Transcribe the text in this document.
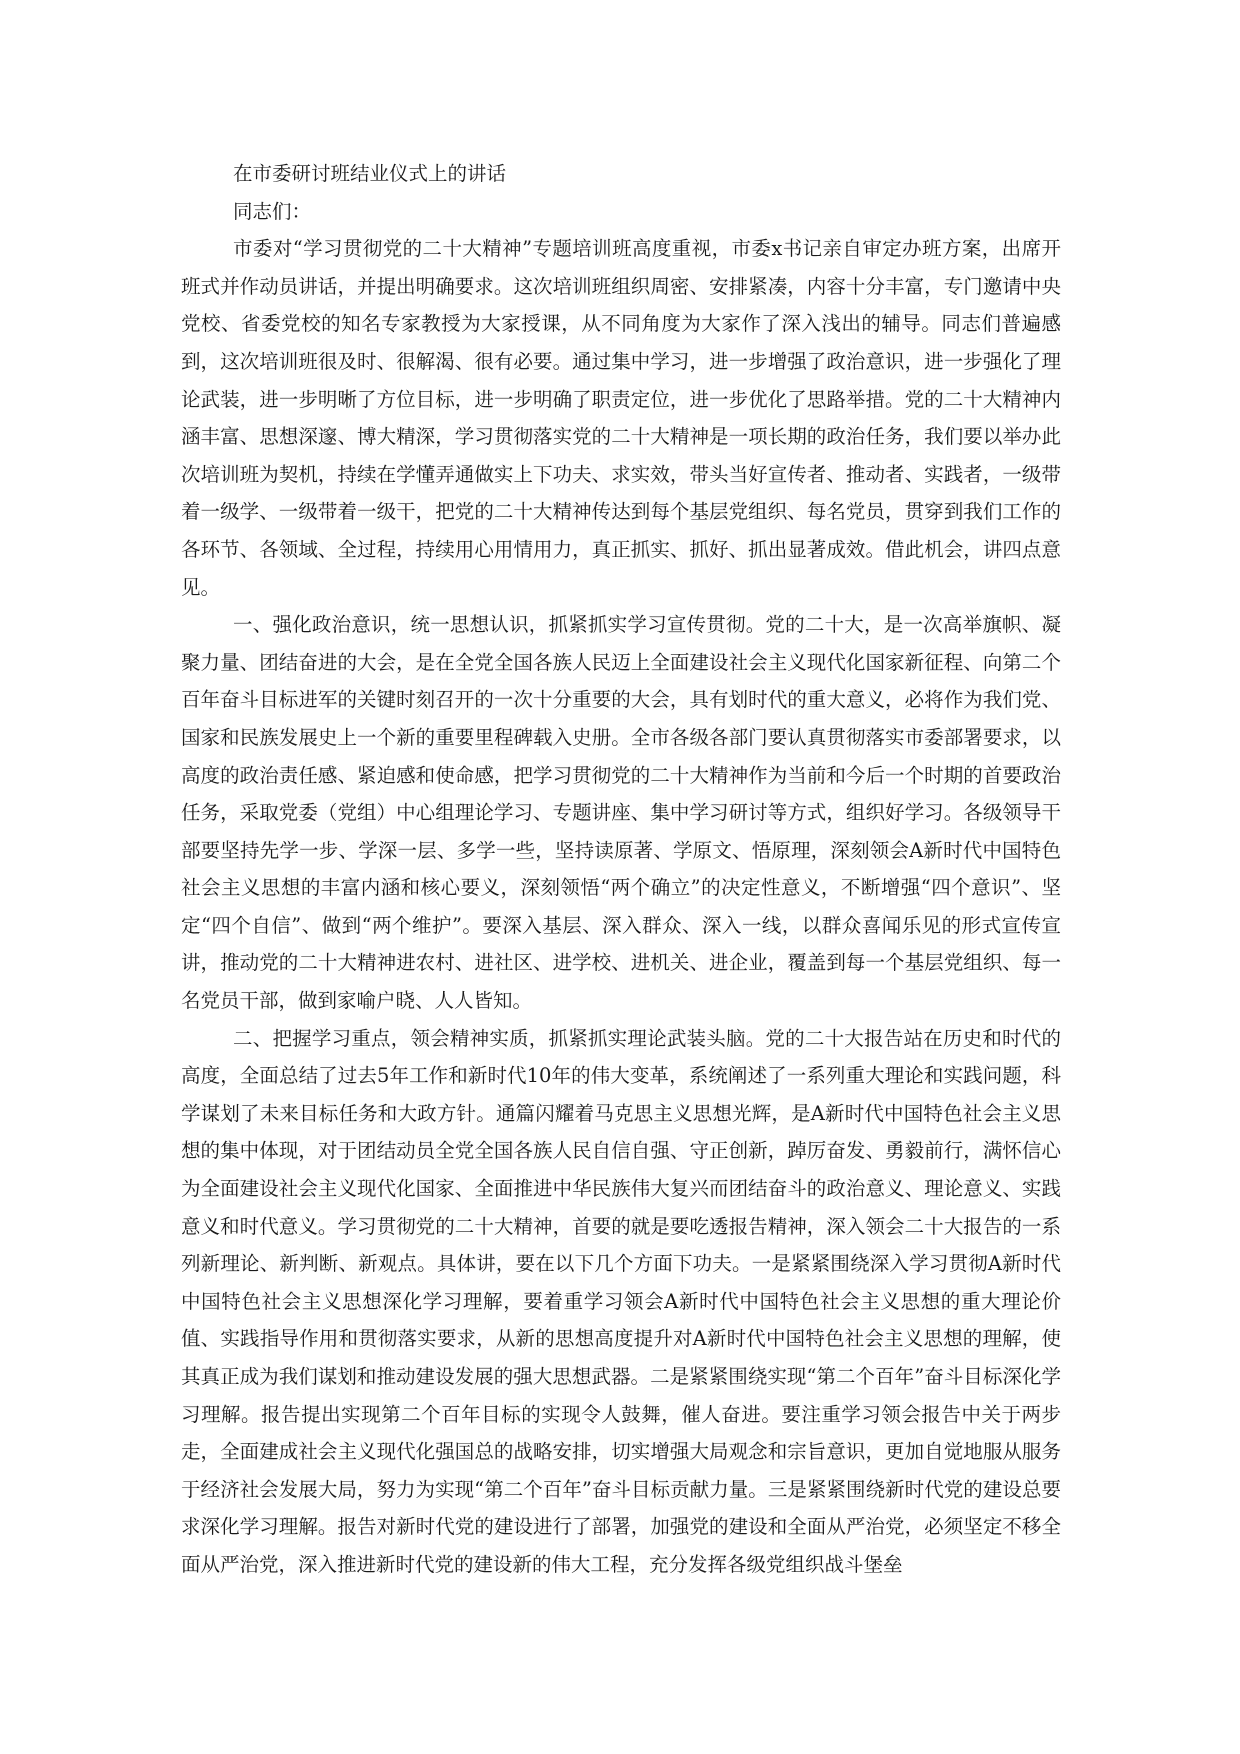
在市委研讨班结业仪式上的讲话

同志们：

市委对“学习贯彻党的二十大精神”专题培训班高度重视，市委x书记亲自审定办班方案，出席开班式并作动员讲话，并提出明确要求。这次培训班组织周密、安排紧凑，内容十分丰富，专门邀请中央党校、省委党校的知名专家教授为大家授课，从不同角度为大家作了深入浅出的辅导。同志们普遍感到，这次培训班很及时、很解渴、很有必要。通过集中学习，进一步增强了政治意识，进一步强化了理论武装，进一步明晰了方位目标，进一步明确了职责定位，进一步优化了思路举措。党的二十大精神内涵丰富、思想深邃、博大精深，学习贯彻落实党的二十大精神是一项长期的政治任务，我们要以举办此次培训班为契机，持续在学懂弄通做实上下功夫、求实效，带头当好宣传者、推动者、实践者，一级带着一级学、一级带着一级干，把党的二十大精神传达到每个基层党组织、每名党员，贯穿到我们工作的各环节、各领域、全过程，持续用心用情用力，真正抓实、抓好、抓出显著成效。借此机会，讲四点意见。

一、强化政治意识，统一思想认识，抓紧抓实学习宣传贯彻。党的二十大，是一次高举旗帜、凝聚力量、团结奋进的大会，是在全党全国各族人民迈上全面建设社会主义现代化国家新征程、向第二个百年奋斗目标进军的关键时刻召开的一次十分重要的大会，具有划时代的重大意义，必将作为我们党、国家和民族发展史上一个新的重要里程碑载入史册。全市各级各部门要认真贯彻落实市委部署要求，以高度的政治责任感、紧迫感和使命感，把学习贯彻党的二十大精神作为当前和今后一个时期的首要政治任务，采取党委（党组）中心组理论学习、专题讲座、集中学习研讨等方式，组织好学习。各级领导干部要坚持先学一步、学深一层、多学一些，坚持读原著、学原文、悟原理，深刻领会A新时代中国特色社会主义思想的丰富内涵和核心要义，深刻领悟“两个确立”的决定性意义，不断增强“四个意识”、坚定“四个自信”、做到“两个维护”。要深入基层、深入群众、深入一线，以群众喜闻乐见的形式宣传宣讲，推动党的二十大精神进农村、进社区、进学校、进机关、进企业，覆盖到每一个基层党组织、每一名党员干部，做到家喻户晓、人人皆知。

二、把握学习重点，领会精神实质，抓紧抓实理论武装头脑。党的二十大报告站在历史和时代的高度，全面总结了过去5年工作和新时代10年的伟大变革，系统阐述了一系列重大理论和实践问题，科学谋划了未来目标任务和大政方针。通篇闪耀着马克思主义思想光辉，是A新时代中国特色社会主义思想的集中体现，对于团结动员全党全国各族人民自信自强、守正创新，踔厉奋发、勇毅前行，满怀信心为全面建设社会主义现代化国家、全面推进中华民族伟大复兴而团结奋斗的政治意义、理论意义、实践意义和时代意义。学习贯彻党的二十大精神，首要的就是要吃透报告精神，深入领会二十大报告的一系列新理论、新判断、新观点。具体讲，要在以下几个方面下功夫。一是紧紧围绕深入学习贯彻A新时代中国特色社会主义思想深化学习理解，要着重学习领会A新时代中国特色社会主义思想的重大理论价值、实践指导作用和贯彻落实要求，从新的思想高度提升对A新时代中国特色社会主义思想的理解，使其真正成为我们谋划和推动建设发展的强大思想武器。二是紧紧围绕实现“第二个百年”奋斗目标深化学习理解。报告提出实现第二个百年目标的实现令人鼓舞，催人奋进。要注重学习领会报告中关于两步走，全面建成社会主义现代化强国总的战略安排，切实增强大局观念和宗旨意识，更加自觉地服从服务于经济社会发展大局，努力为实现“第二个百年”奋斗目标贡献力量。三是紧紧围绕新时代党的建设总要求深化学习理解。报告对新时代党的建设进行了部署，加强党的建设和全面从严治党，必须坚定不移全面从严治党，深入推进新时代党的建设新的伟大工程，充分发挥各级党组织战斗堡垒
